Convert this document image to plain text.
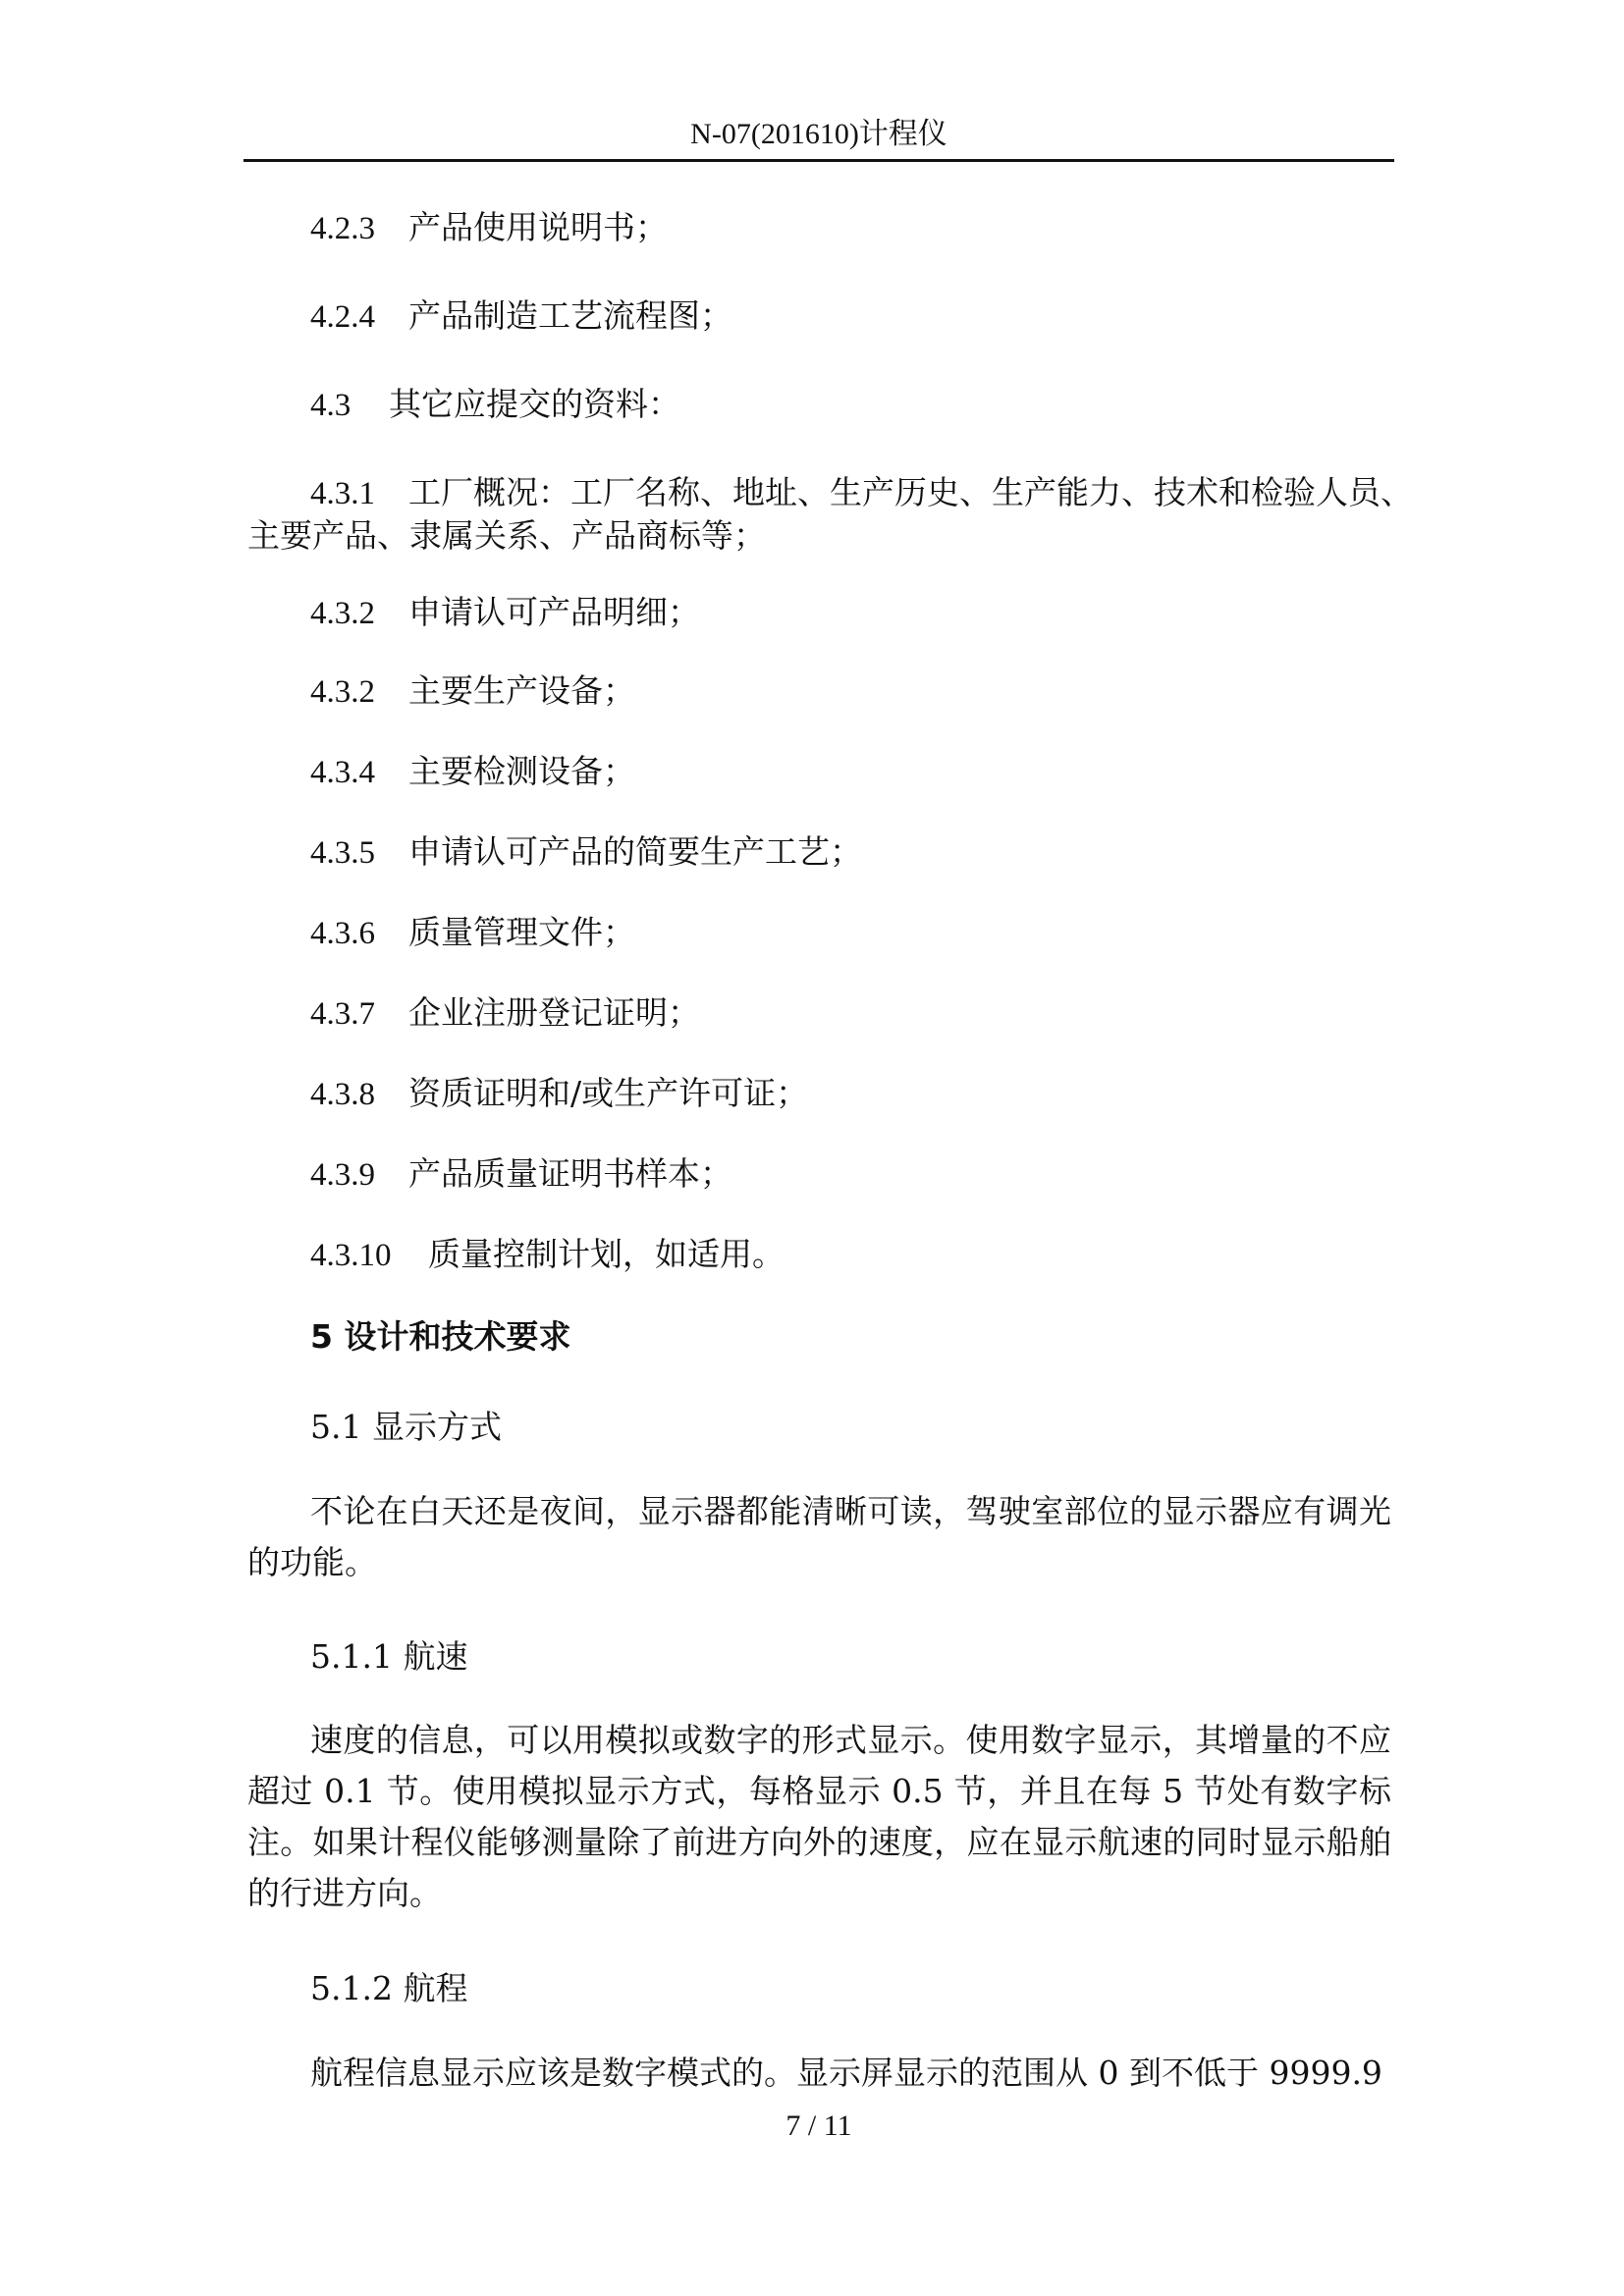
N-07(201610)计程仪
4.2.3 产品使用说明书；
4.2.4 产品制造工艺流程图；
4.3 其它应提交的资料：
4.3.1 工厂概况：工厂名称、地址、生产历史、生产能力、技术和检验人员、
主要产品、隶属关系、产品商标等；
4.3.2 申请认可产品明细；
4.3.2 主要生产设备；
4.3.4 主要检测设备；
4.3.5 申请认可产品的简要生产工艺；
4.3.6 质量管理文件；
4.3.7 企业注册登记证明；
4.3.8 资质证明和/或生产许可证；
4.3.9 产品质量证明书样本；
4.3.10 质量控制计划，如适用。
5 设计和技术要求
5.1 显示方式
不论在白天还是夜间，显示器都能清晰可读，驾驶室部位的显示器应有调光的功能。
5.1.1 航速
速度的信息，可以用模拟或数字的形式显示。使用数字显示，其增量的不应超过 0.1 节。使用模拟显示方式，每格显示 0.5 节，并且在每 5 节处有数字标注。如果计程仪能够测量除了前进方向外的速度，应在显示航速的同时显示船舶的行进方向。
5.1.2 航程
航程信息显示应该是数字模式的。显示屏显示的范围从 0 到不低于 9999.9
7 / 11
